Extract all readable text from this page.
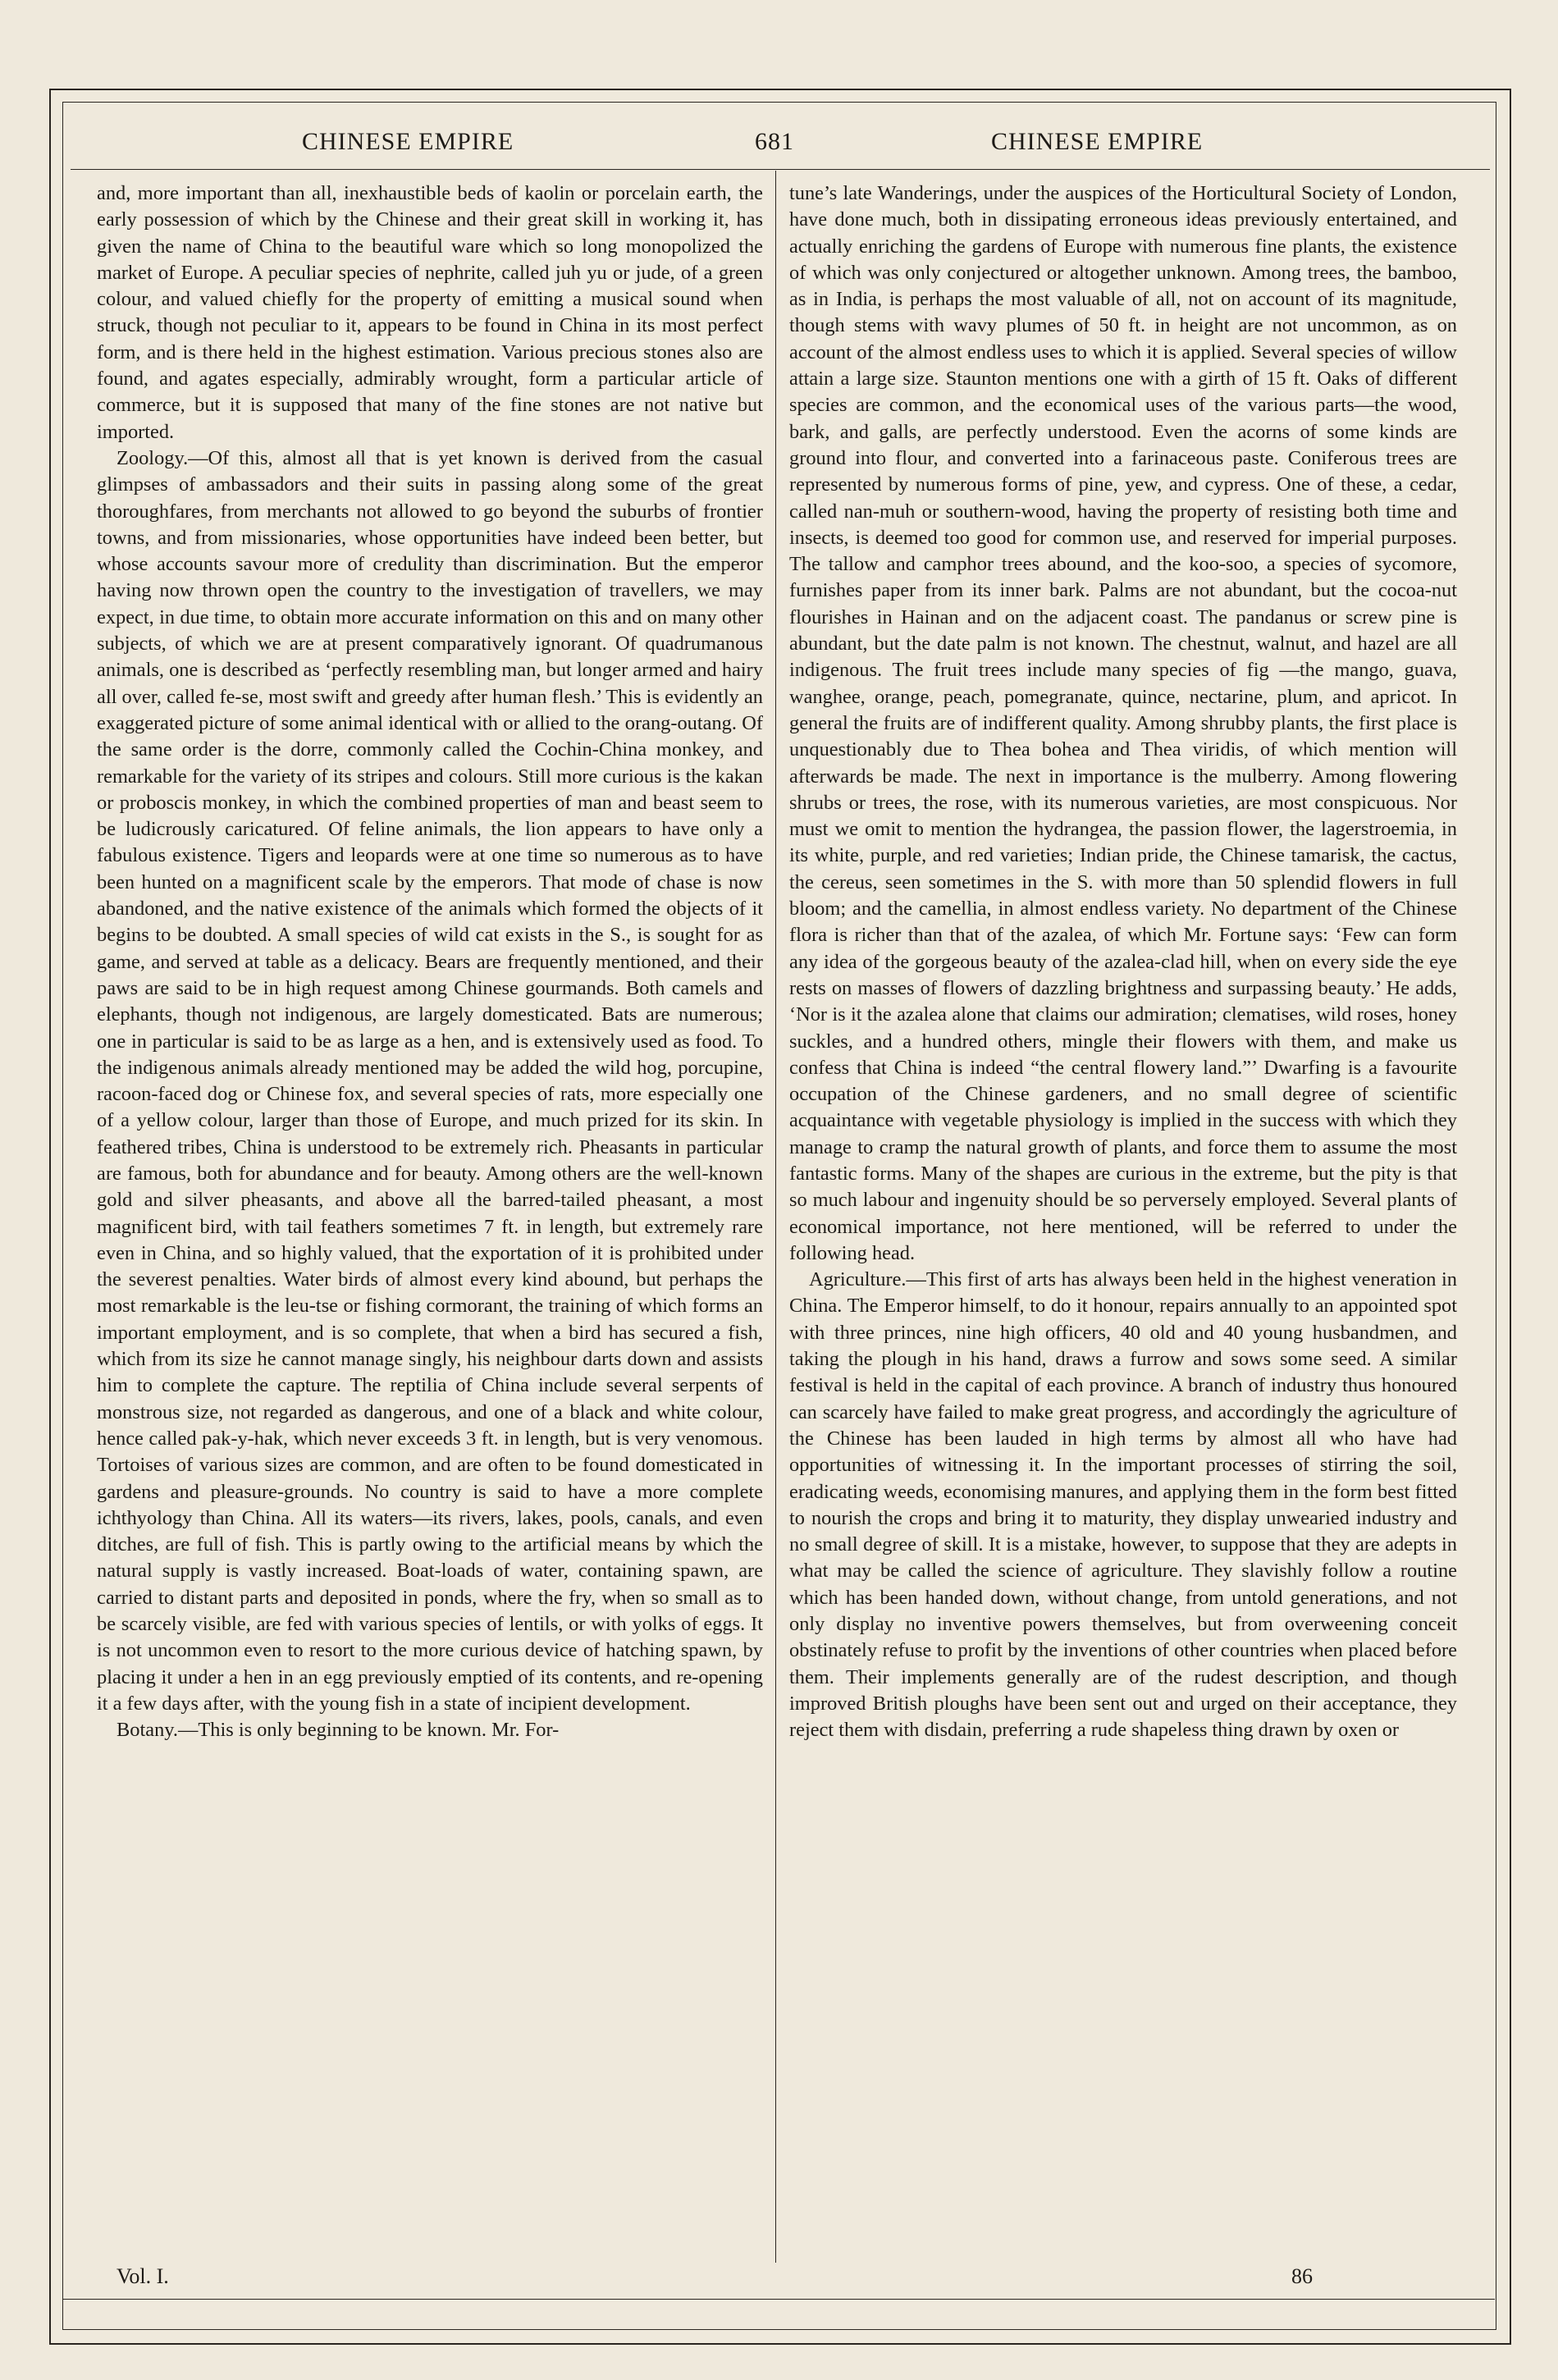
CHINESE EMPIRE	681	CHINESE EMPIRE

and, more important than all, inexhaustible beds of kaolin or porcelain earth, the early possession of which by the Chinese and their great skill in working it, has given the name of China to the beautiful ware which so long monopolized the market of Europe. A peculiar species of nephrite, called juh yu or jude, of a green colour, and valued chiefly for the property of emitting a musical sound when struck, though not peculiar to it, appears to be found in China in its most perfect form, and is there held in the highest estimation. Various precious stones also are found, and agates especially, admirably wrought, form a particular article of commerce, but it is supposed that many of the fine stones are not native but imported.

Zoology.—Of this, almost all that is yet known is derived from the casual glimpses of ambassadors and their suits in passing along some of the great thoroughfares, from merchants not allowed to go beyond the suburbs of frontier towns, and from missionaries, whose opportunities have indeed been better, but whose accounts savour more of credulity than discrimination. But the emperor having now thrown open the country to the investigation of travellers, we may expect, in due time, to obtain more accurate information on this and on many other subjects, of which we are at present comparatively ignorant. Of quadrumanous animals, one is described as ‘perfectly resembling man, but longer armed and hairy all over, called fe-se, most swift and greedy after human flesh.’ This is evidently an exaggerated picture of some animal identical with or allied to the orang-outang. Of the same order is the dorre, commonly called the Cochin-China monkey, and remarkable for the variety of its stripes and colours. Still more curious is the kakan or proboscis monkey, in which the combined properties of man and beast seem to be ludicrously caricatured. Of feline animals, the lion appears to have only a fabulous existence. Tigers and leopards were at one time so numerous as to have been hunted on a magnificent scale by the emperors. That mode of chase is now abandoned, and the native existence of the animals which formed the objects of it begins to be doubted. A small species of wild cat exists in the S., is sought for as game, and served at table as a delicacy. Bears are frequently mentioned, and their paws are said to be in high request among Chinese gourmands. Both camels and elephants, though not indigenous, are largely domesticated. Bats are numerous; one in particular is said to be as large as a hen, and is extensively used as food. To the indigenous animals already mentioned may be added the wild hog, porcupine, racoon-faced dog or Chinese fox, and several species of rats, more especially one of a yellow colour, larger than those of Europe, and much prized for its skin. In feathered tribes, China is understood to be extremely rich. Pheasants in particular are famous, both for abundance and for beauty. Among others are the well-known gold and silver pheasants, and above all the barred-tailed pheasant, a most magnificent bird, with tail feathers sometimes 7 ft. in length, but extremely rare even in China, and so highly valued, that the exportation of it is prohibited under the severest penalties. Water birds of almost every kind abound, but perhaps the most remarkable is the leu-tse or fishing cormorant, the training of which forms an important employment, and is so complete, that when a bird has secured a fish, which from its size he cannot manage singly, his neighbour darts down and assists him to complete the capture. The reptilia of China include several serpents of monstrous size, not regarded as dangerous, and one of a black and white colour, hence called pak-y-hak, which never exceeds 3 ft. in length, but is very venomous. Tortoises of various sizes are common, and are often to be found domesticated in gardens and pleasure-grounds. No country is said to have a more complete ichthyology than China. All its waters—its rivers, lakes, pools, canals, and even ditches, are full of fish. This is partly owing to the artificial means by which the natural supply is vastly increased. Boat-loads of water, containing spawn, are carried to distant parts and deposited in ponds, where the fry, when so small as to be scarcely visible, are fed with various species of lentils, or with yolks of eggs. It is not uncommon even to resort to the more curious device of hatching spawn, by placing it under a hen in an egg previously emptied of its contents, and re-opening it a few days after, with the young fish in a state of incipient development.

Botany.—This is only beginning to be known. Mr. For-

tune’s late Wanderings, under the auspices of the Horticultural Society of London, have done much, both in dissipating erroneous ideas previously entertained, and actually enriching the gardens of Europe with numerous fine plants, the existence of which was only conjectured or altogether unknown. Among trees, the bamboo, as in India, is perhaps the most valuable of all, not on account of its magnitude, though stems with wavy plumes of 50 ft. in height are not uncommon, as on account of the almost endless uses to which it is applied. Several species of willow attain a large size. Staunton mentions one with a girth of 15 ft. Oaks of different species are common, and the economical uses of the various parts—the wood, bark, and galls, are perfectly understood. Even the acorns of some kinds are ground into flour, and converted into a farinaceous paste. Coniferous trees are represented by numerous forms of pine, yew, and cypress. One of these, a cedar, called nan-muh or southern-wood, having the property of resisting both time and insects, is deemed too good for common use, and reserved for imperial purposes. The tallow and camphor trees abound, and the koo-soo, a species of sycomore, furnishes paper from its inner bark. Palms are not abundant, but the cocoa-nut flourishes in Hainan and on the adjacent coast. The pandanus or screw pine is abundant, but the date palm is not known. The chestnut, walnut, and hazel are all indigenous. The fruit trees include many species of fig —the mango, guava, wanghee, orange, peach, pomegranate, quince, nectarine, plum, and apricot. In general the fruits are of indifferent quality. Among shrubby plants, the first place is unquestionably due to Thea bohea and Thea viridis, of which mention will afterwards be made. The next in importance is the mulberry. Among flowering shrubs or trees, the rose, with its numerous varieties, are most conspicuous. Nor must we omit to mention the hydrangea, the passion flower, the lagerstroemia, in its white, purple, and red varieties; Indian pride, the Chinese tamarisk, the cactus, the cereus, seen sometimes in the S. with more than 50 splendid flowers in full bloom; and the camellia, in almost endless variety. No department of the Chinese flora is richer than that of the azalea, of which Mr. Fortune says: ‘Few can form any idea of the gorgeous beauty of the azalea-clad hill, when on every side the eye rests on masses of flowers of dazzling brightness and surpassing beauty.’ He adds, ‘Nor is it the azalea alone that claims our admiration; clematises, wild roses, honey suckles, and a hundred others, mingle their flowers with them, and make us confess that China is indeed “the central flowery land.”’ Dwarfing is a favourite occupation of the Chinese gardeners, and no small degree of scientific acquaintance with vegetable physiology is implied in the success with which they manage to cramp the natural growth of plants, and force them to assume the most fantastic forms. Many of the shapes are curious in the extreme, but the pity is that so much labour and ingenuity should be so perversely employed. Several plants of economical importance, not here mentioned, will be referred to under the following head.

Agriculture.—This first of arts has always been held in the highest veneration in China. The Emperor himself, to do it honour, repairs annually to an appointed spot with three princes, nine high officers, 40 old and 40 young husbandmen, and taking the plough in his hand, draws a furrow and sows some seed. A similar festival is held in the capital of each province. A branch of industry thus honoured can scarcely have failed to make great progress, and accordingly the agriculture of the Chinese has been lauded in high terms by almost all who have had opportunities of witnessing it. In the important processes of stirring the soil, eradicating weeds, economising manures, and applying them in the form best fitted to nourish the crops and bring it to maturity, they display unwearied industry and no small degree of skill. It is a mistake, however, to suppose that they are adepts in what may be called the science of agriculture. They slavishly follow a routine which has been handed down, without change, from untold generations, and not only display no inventive powers themselves, but from overweening conceit obstinately refuse to profit by the inventions of other countries when placed before them. Their implements generally are of the rudest description, and though improved British ploughs have been sent out and urged on their acceptance, they reject them with disdain, preferring a rude shapeless thing drawn by oxen or

Vol. I.	86
